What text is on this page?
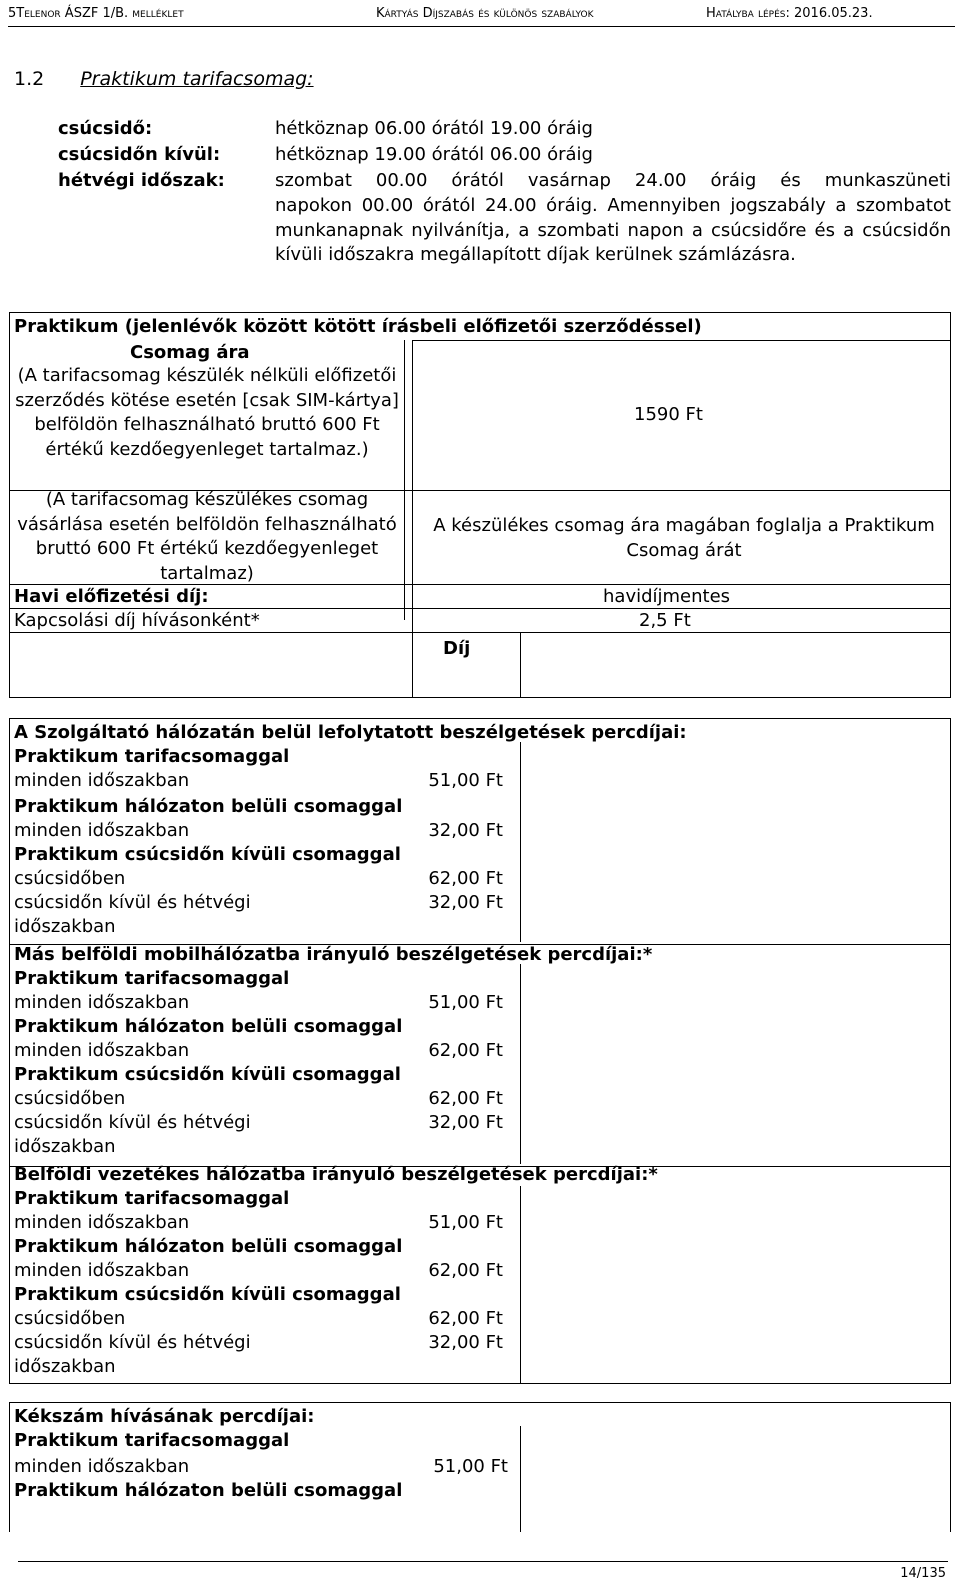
5Telenor ÁSZF 1/B. melléklet	Kártyás Díjszabás és különös szabályok	Hatályba lépés: 2016.05.23.
1.2 Praktikum tarifacsomag:
csúcsidő:	hétköznap 06.00 órától 19.00 óráig
csúcsidőn kívül:	hétköznap 19.00 órától 06.00 óráig
hétvégi időszak:	szombat 00.00 órától vasárnap 24.00 óráig és munkaszüneti
napokon 00.00 órától 24.00 óráig. Amennyiben jogszabály a szombatot munkanapnak nyilvánítja, a szombati napon a csúcsidőre és a csúcsidőn kívüli időszakra megállapított díjak kerülnek számlázásra.
Praktikum (jelenlévők között kötött írásbeli előfizetői szerződéssel)
Csomag ára
(A tarifacsomag készülék nélküli előfizetői szerződés kötése esetén [csak SIM-kártya] belföldön felhasználható bruttó 600 Ft értékű kezdőegyenleget tartalmaz.)
1590 Ft
(A tarifacsomag készülékes csomag vásárlása esetén belföldön felhasználható bruttó 600 Ft értékű kezdőegyenleget tartalmaz)
A készülékes csomag ára magában foglalja a Praktikum Csomag árát
Havi előfizetési díj:	havidíjmentes
Kapcsolási díj hívásonként*	2,5 Ft
Díj
A Szolgáltató hálózatán belül lefolytatott beszélgetések percdíjai:
Praktikum tarifacsomaggal
minden időszakban	51,00 Ft
Praktikum hálózaton belüli csomaggal
minden időszakban	32,00 Ft
Praktikum csúcsidőn kívüli csomaggal
csúcsidőben	62,00 Ft
csúcsidőn kívül és hétvégi	32,00 Ft
időszakban
Más belföldi mobilhálózatba irányuló beszélgetések percdíjai:*
Praktikum tarifacsomaggal
minden időszakban	51,00 Ft
Praktikum hálózaton belüli csomaggal
minden időszakban	62,00 Ft
Praktikum csúcsidőn kívüli csomaggal
csúcsidőben	62,00 Ft
csúcsidőn kívül és hétvégi	32,00 Ft
időszakban
Belföldi vezetékes hálózatba irányuló beszélgetések percdíjai:*
Praktikum tarifacsomaggal
minden időszakban	51,00 Ft
Praktikum hálózaton belüli csomaggal
minden időszakban	62,00 Ft
Praktikum csúcsidőn kívüli csomaggal
csúcsidőben	62,00 Ft
csúcsidőn kívül és hétvégi	32,00 Ft
időszakban
Kékszám hívásának percdíjai:
Praktikum tarifacsomaggal
minden időszakban	51,00 Ft
Praktikum hálózaton belüli csomaggal
14/135
